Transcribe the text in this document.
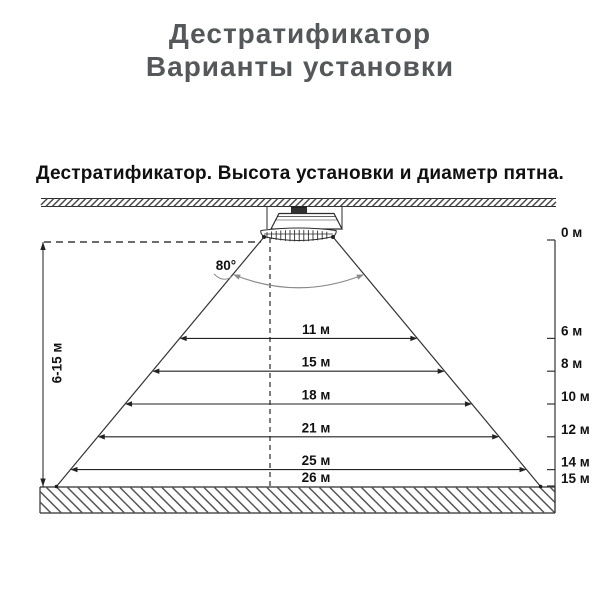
Дестратификатор
Варианты установки
Дестратификатор. Высота установки и диаметр пятна.
6-15 м
80°
0 м
6 м
8 м
10 м
12 м
14 м
15 м
11 м
15 м
18 м
21 м
25 м
26 м
